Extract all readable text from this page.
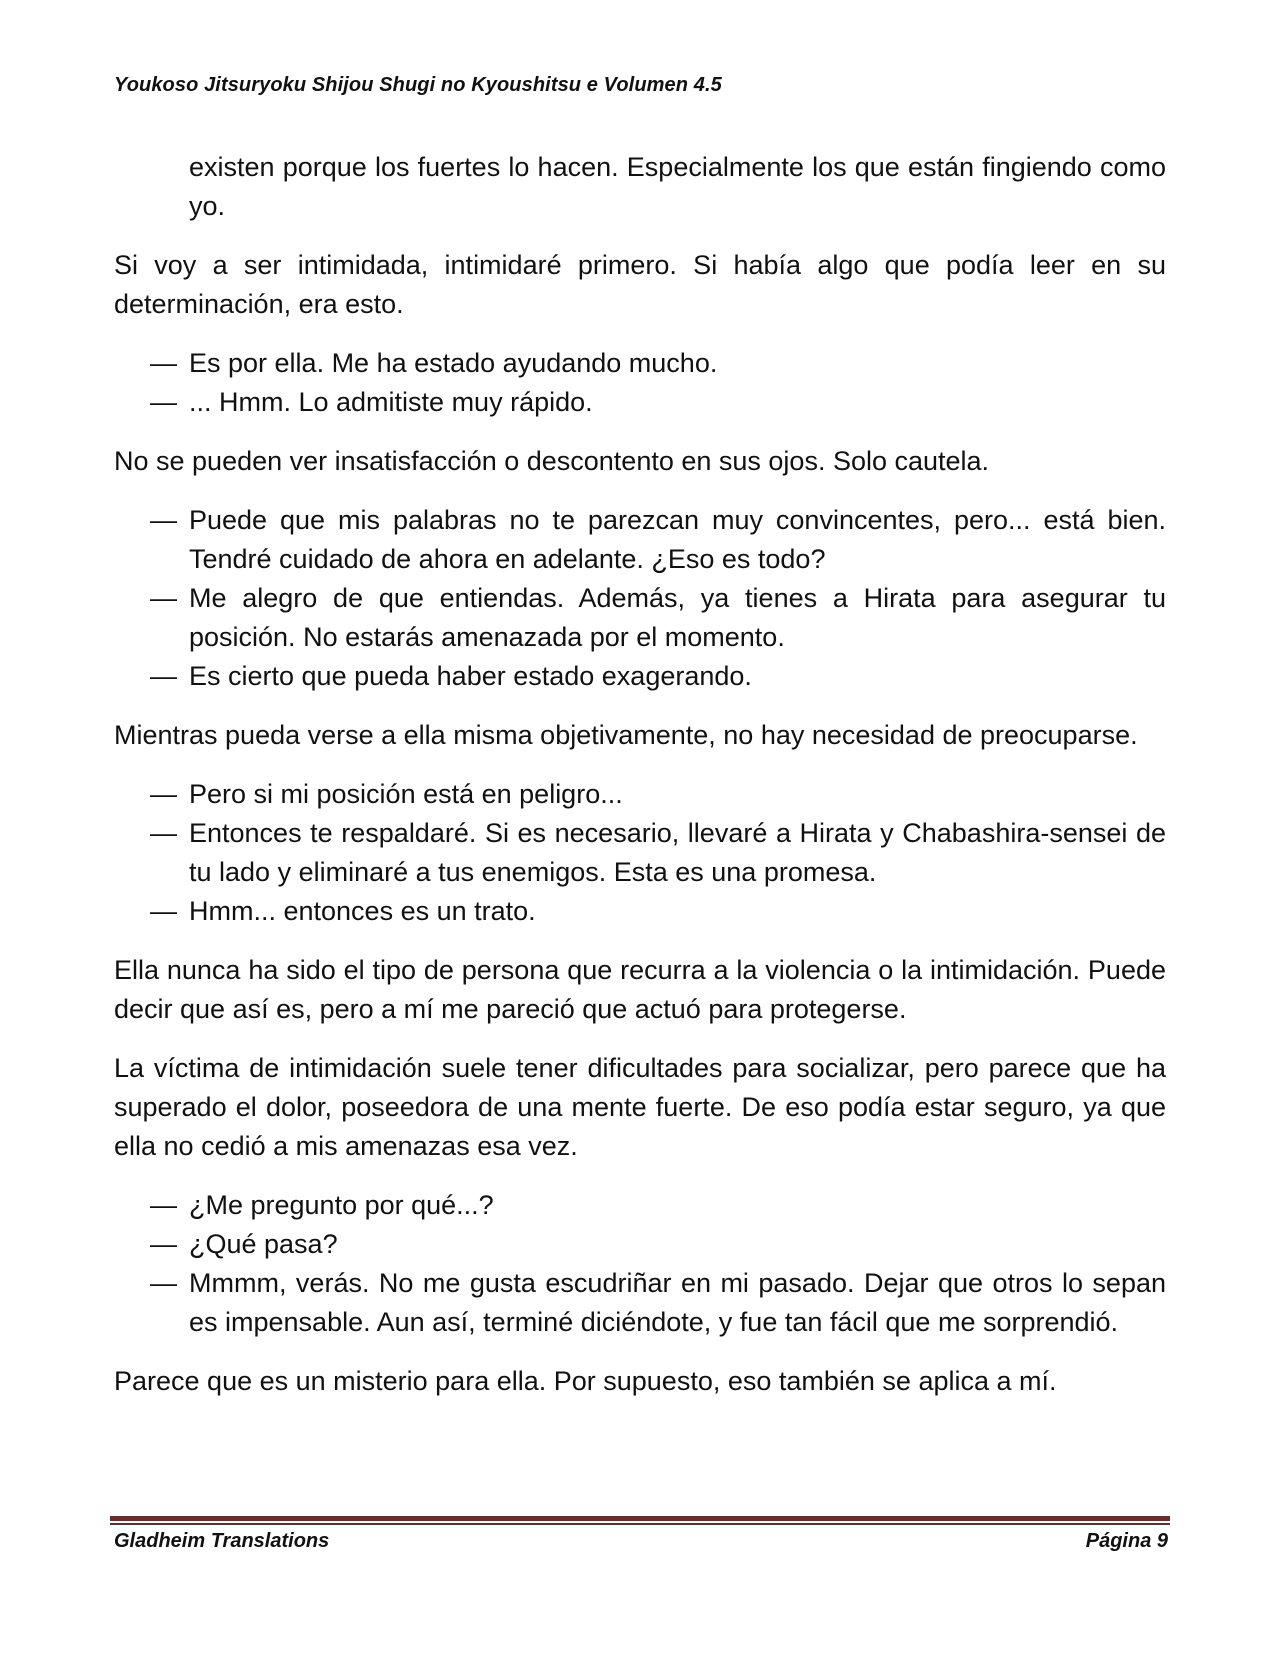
Youkoso Jitsuryoku Shijou Shugi no Kyoushitsu e Volumen 4.5

existen porque los fuertes lo hacen. Especialmente los que están fingiendo como yo.

Si voy a ser intimidada, intimidaré primero. Si había algo que podía leer en su determinación, era esto.

— Es por ella. Me ha estado ayudando mucho.

— ... Hmm. Lo admitiste muy rápido.

No se pueden ver insatisfacción o descontento en sus ojos. Solo cautela.

— Puede que mis palabras no te parezcan muy convincentes, pero... está bien. Tendré cuidado de ahora en adelante. ¿Eso es todo?

— Me alegro de que entiendas. Además, ya tienes a Hirata para asegurar tu posición. No estarás amenazada por el momento.

— Es cierto que pueda haber estado exagerando.

Mientras pueda verse a ella misma objetivamente, no hay necesidad de preocuparse.

— Pero si mi posición está en peligro...

— Entonces te respaldaré. Si es necesario, llevaré a Hirata y Chabashira-sensei de tu lado y eliminaré a tus enemigos. Esta es una promesa.

— Hmm... entonces es un trato.

Ella nunca ha sido el tipo de persona que recurra a la violencia o la intimidación. Puede decir que así es, pero a mí me pareció que actuó para protegerse.

La víctima de intimidación suele tener dificultades para socializar, pero parece que ha superado el dolor, poseedora de una mente fuerte. De eso podía estar seguro, ya que ella no cedió a mis amenazas esa vez.

— ¿Me pregunto por qué...?

— ¿Qué pasa?

— Mmmm, verás. No me gusta escudriñar en mi pasado. Dejar que otros lo sepan es impensable. Aun así, terminé diciéndote, y fue tan fácil que me sorprendió.

Parece que es un misterio para ella. Por supuesto, eso también se aplica a mí.

Gladheim Translations	Página 9
